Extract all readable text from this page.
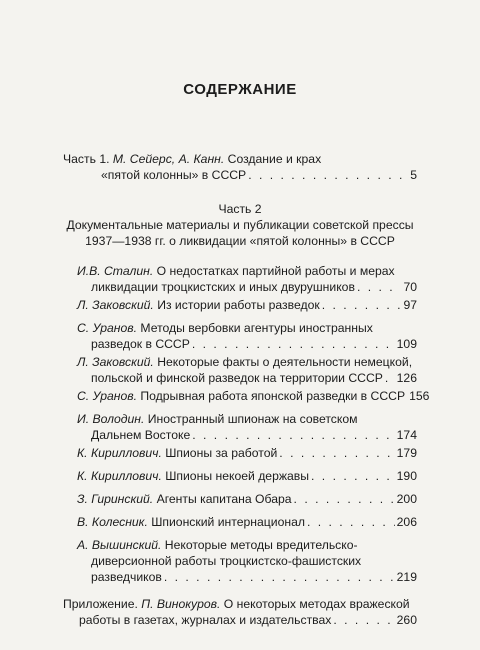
СОДЕРЖАНИЕ
Часть 1. М. Сейерс, А. Канн. Создание и крах
«пятой колонны» в СССР . . .	5
Часть 2
Документальные материалы и публикации советской прессы
1937—1938 гг. о ликвидации «пятой колонны» в СССР
И.В. Сталин. О недостатках партийной работы и мерах
ликвидации троцкистских и иных двурушников . . .	70
Л. Заковский. Из истории работы разведок . . .	97
С. Уранов. Методы вербовки агентуры иностранных
разведок в СССР . . .	109
Л. Заковский. Некоторые факты о деятельности немецкой,
польской и финской разведок на территории СССР . . . 126
С. Уранов. Подрывная работа японской разведки в СССР 156
И. Володин. Иностранный шпионаж на советском
Дальнем Востоке . . .	174
К. Кириллович. Шпионы за работой . . .	179
К. Кириллович. Шпионы некоей державы . . .	190
З. Гиринский. Агенты капитана Обара . . .	200
В. Колесник. Шпионский интернационал . . .	206
А. Вышинский. Некоторые методы вредительско-
диверсионной работы троцкистско-фашистских
разведчиков . . .	219
Приложение. П. Винокуров. О некоторых методах вражеской
работы в газетах, журналах и издательствах . . .	260
